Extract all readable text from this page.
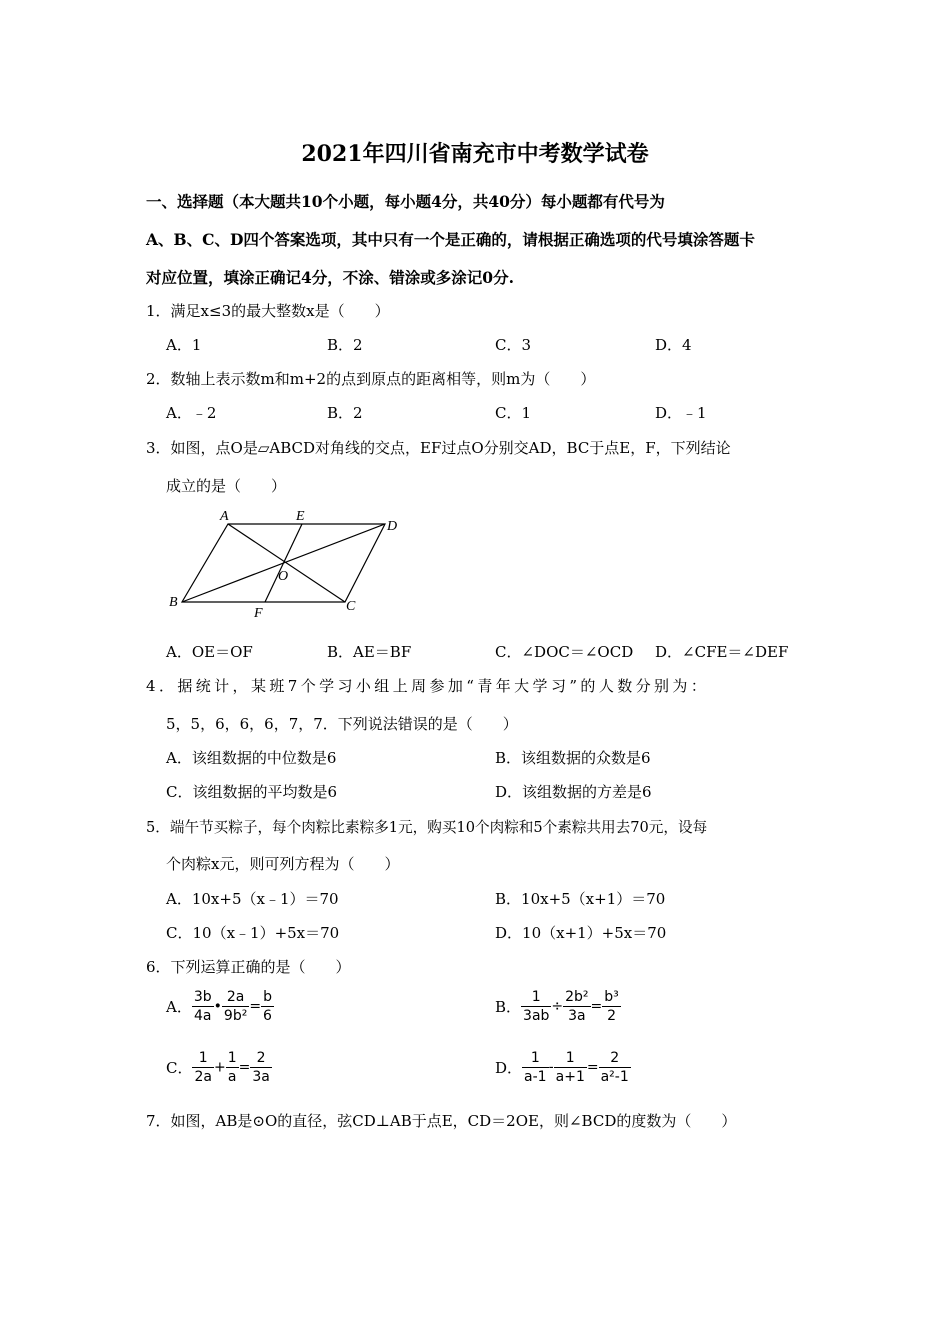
2021年四川省南充市中考数学试卷
一、选择题（本大题共10个小题，每小题4分，共40分）每小题都有代号为
A、B、C、D四个答案选项，其中只有一个是正确的，请根据正确选项的代号填涂答题卡
对应位置，填涂正确记4分，不涂、错涂或多涂记0分.
1．满足x≤3的最大整数x是（　　）
A．1	B．2	C．3	D．4
2．数轴上表示数m和m+2的点到原点的距离相等，则m为（　　）
A．﹣2	B．2	C．1	D．﹣1
3．如图，点O是▱ABCD对角线的交点，EF过点O分别交AD，BC于点E，F，下列结论
成立的是（　　）
A
D
B	C
E
F
O
A．OE＝OF	B．AE＝BF	C．∠DOC＝∠OCD D．∠CFE＝∠DEF
4．据统计，某班7个学习小组上周参加“青年大学习”的人数分别为：
5，5，6，6，6，7，7．下列说法错误的是（　　）
A．该组数据的中位数是6	B．该组数据的众数是6
C．该组数据的平均数是6	D．该组数据的方差是6
5．端午节买粽子，每个肉粽比素粽多1元，购买10个肉粽和5个素粽共用去70元，设每
个肉粽x元，则可列方程为（　　）
A．10x+5（x﹣1）＝70	B．10x+5（x+1）＝70
C．10（x﹣1）+5x＝70	D．10（x+1）+5x＝70
6．下列运算正确的是（　　）
A． $\frac{3b}{4a}$ • $\frac{2a}{\text{9b²}} = \frac{b}{6}$	B． $\frac{1}{3ab} \div \frac{\text{2b²}}{3a} = \frac{\text{b³}}{2}$
C． $\frac{1}{2a} + \frac{1}{a} = \frac{2}{3a}$	D． $\frac{1}{a-1} - \frac{1}{a+1} = \frac{2}{\text{a²-1}}$
7．如图，AB是⊙O的直径，弦CD⊥AB于点E，CD＝2OE，则∠BCD的度数为（　　）
